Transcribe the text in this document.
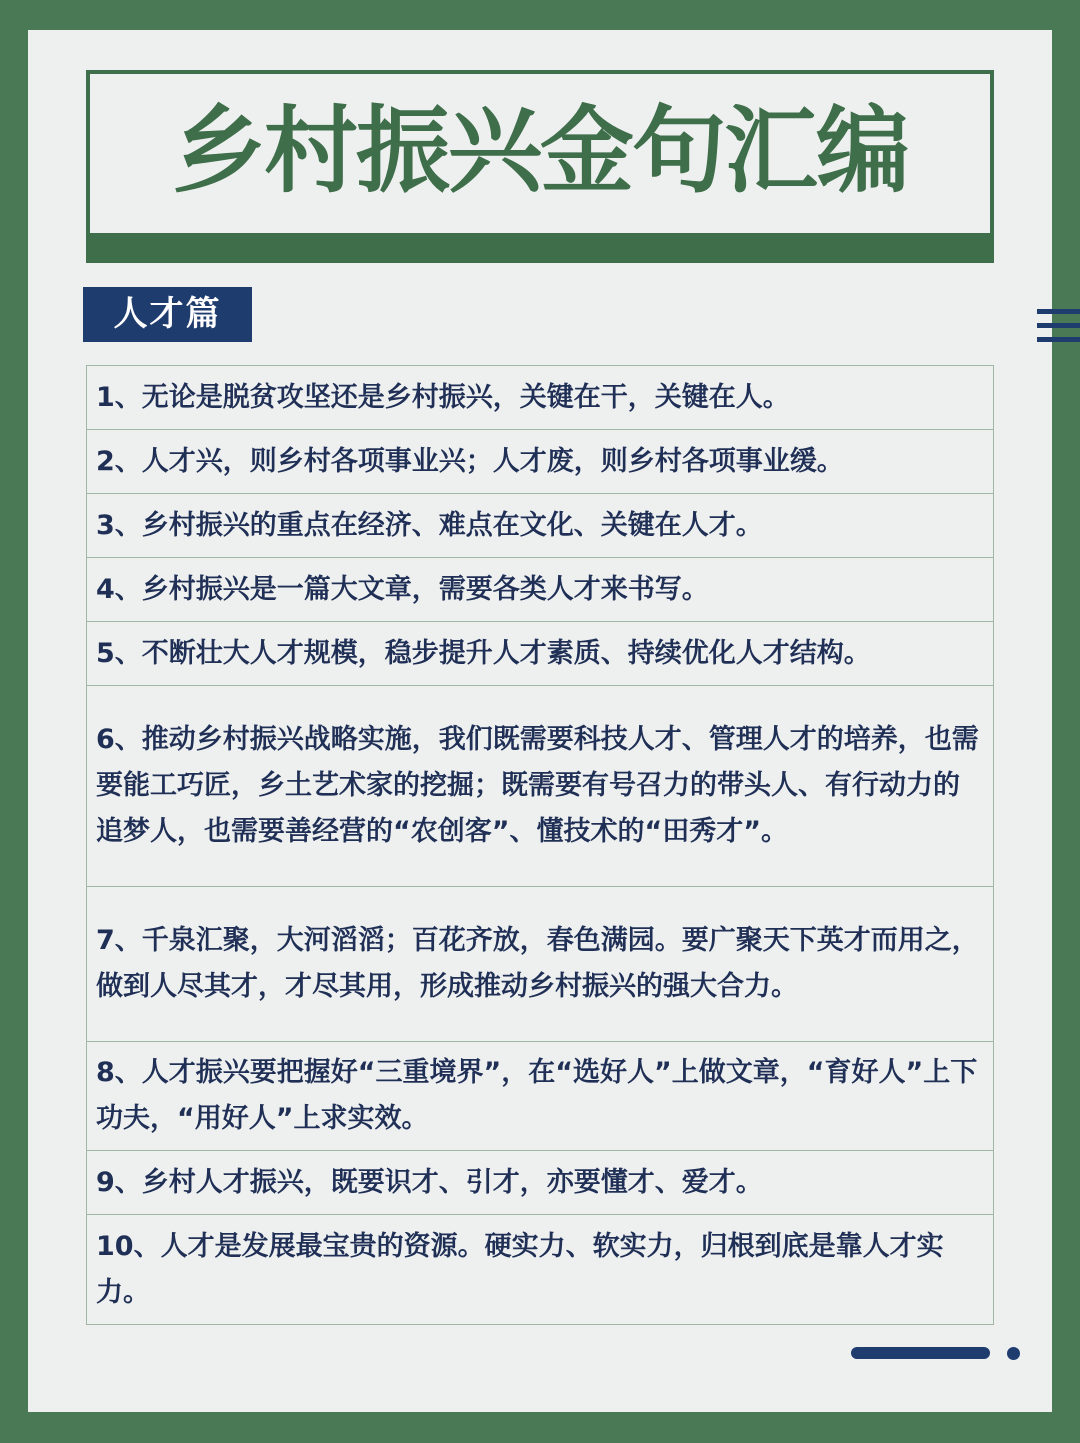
乡村振兴金句汇编
人才篇
1、无论是脱贫攻坚还是乡村振兴，关键在干，关键在人。
2、人才兴，则乡村各项事业兴；人才废，则乡村各项事业缓。
3、乡村振兴的重点在经济、难点在文化、关键在人才。
4、乡村振兴是一篇大文章，需要各类人才来书写。
5、不断壮大人才规模，稳步提升人才素质、持续优化人才结构。
6、推动乡村振兴战略实施，我们既需要科技人才、管理人才的培养，也需要能工巧匠，乡土艺术家的挖掘；既需要有号召力的带头人、有行动力的追梦人，也需要善经营的“农创客”、懂技术的“田秀才”。
7、千泉汇聚，大河滔滔；百花齐放，春色满园。要广聚天下英才而用之，做到人尽其才，才尽其用，形成推动乡村振兴的强大合力。
8、人才振兴要把握好“三重境界”，在“选好人”上做文章，“育好人”上下功夫，“用好人”上求实效。
9、乡村人才振兴，既要识才、引才，亦要懂才、爱才。
10、人才是发展最宝贵的资源。硬实力、软实力，归根到底是靠人才实力。
